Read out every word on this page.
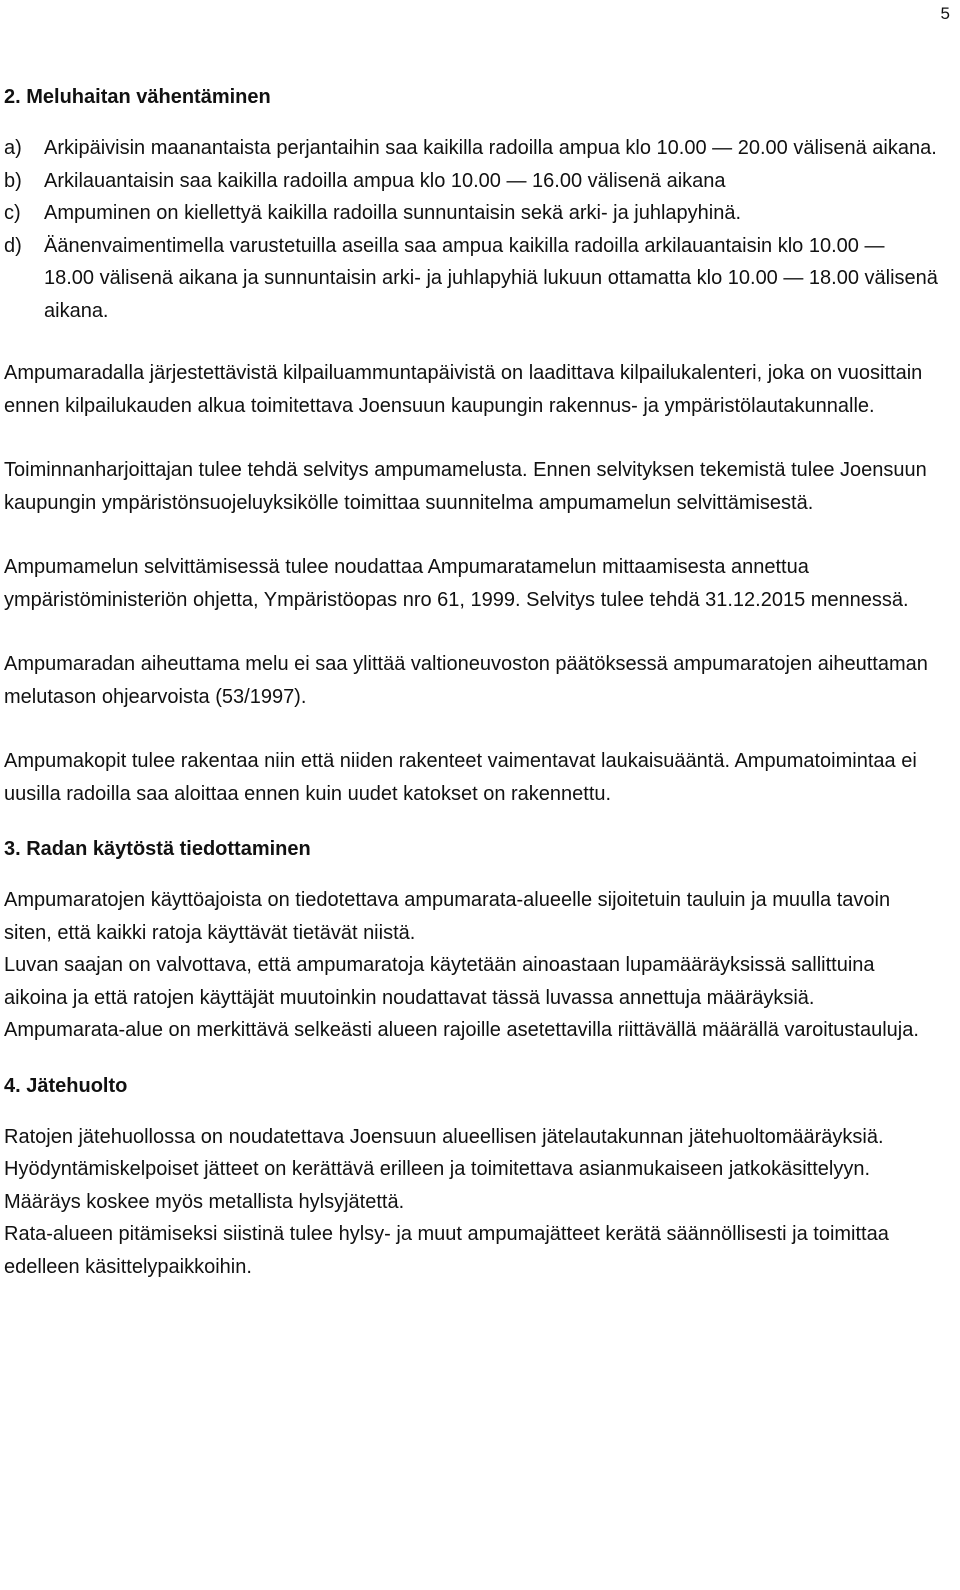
5
2. Meluhaitan vähentäminen
a)	Arkipäivisin maanantaista perjantaihin saa kaikilla radoilla ampua klo 10.00 — 20.00 välisenä aikana.
b)	Arkilauantaisin saa kaikilla radoilla ampua klo 10.00 — 16.00 välisenä aikana
c)	Ampuminen on kiellettyä kaikilla radoilla sunnuntaisin sekä arki- ja juhlapyhinä.
d)	Äänenvaimentimella varustetuilla aseilla saa ampua kaikilla radoilla arkilauantaisin klo 10.00 — 18.00 välisenä aikana ja sunnuntaisin arki- ja juhlapyhiä lukuun ottamatta klo 10.00 — 18.00 välisenä aikana.

Ampumaradalla järjestettävistä kilpailuammuntapäivistä on laadittava kilpailukalenteri, joka on vuosittain ennen kilpailukauden alkua toimitettava Joensuun kaupungin rakennus- ja ympäristölautakunnalle.

Toiminnanharjoittajan tulee tehdä selvitys ampumamelusta. Ennen selvityksen tekemistä tulee Joensuun kaupungin ympäristönsuojeluyksikölle toimittaa suunnitelma ampumamelun selvittämisestä.

Ampumamelun selvittämisessä tulee noudattaa Ampumaratamelun mittaamisesta annettua ympäristöministeriön ohjetta, Ympäristöopas nro 61, 1999. Selvitys tulee tehdä 31.12.2015 mennessä.

Ampumaradan aiheuttama melu ei saa ylittää valtioneuvoston päätöksessä ampumaratojen aiheuttaman melutason ohjearvoista (53/1997).

Ampumakopit tulee rakentaa niin että niiden rakenteet vaimentavat laukaisuääntä. Ampumatoimintaa ei uusilla radoilla saa aloittaa ennen kuin uudet katokset on rakennettu.

3. Radan käytöstä tiedottaminen

Ampumaratojen käyttöajoista on tiedotettava ampumarata-alueelle sijoitetuin tauluin ja muulla tavoin siten, että kaikki ratoja käyttävät tietävät niistä.

Luvan saajan on valvottava, että ampumaratoja käytetään ainoastaan lupamääräyksissä sallittuina aikoina ja että ratojen käyttäjät muutoinkin noudattavat tässä luvassa annettuja määräyksiä. Ampumarata-alue on merkittävä selkeästi alueen rajoille asetettavilla riittävällä määrällä varoitustauluja.

4. Jätehuolto

Ratojen jätehuollossa on noudatettava Joensuun alueellisen jätelautakunnan jätehuoltomääräyksiä. Hyödyntämiskelpoiset jätteet on kerättävä erilleen ja toimitettava asianmukaiseen jatkokäsittelyyn. Määräys koskee myös metallista hylsyjätettä.

Rata-alueen pitämiseksi siistinä tulee hylsy- ja muut ampumajätteet kerätä säännöllisesti ja toimittaa edelleen käsittelypaikkoihin.
